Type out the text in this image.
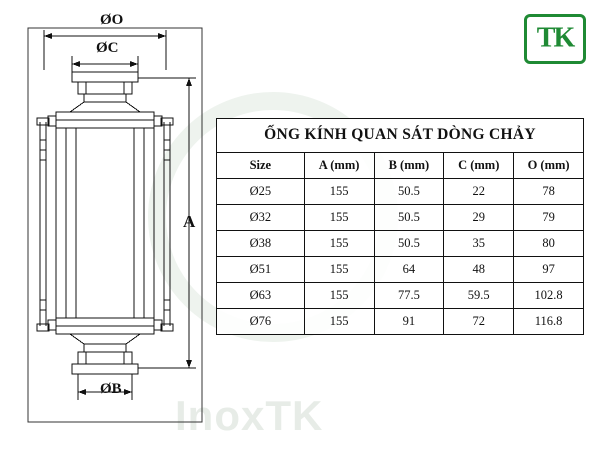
InoxTK
TK
ØO
ØC
A
ØB
ỐNG KÍNH QUAN SÁT DÒNG CHẢY
Size	A (mm)	B (mm)	C (mm)	O (mm)
Ø25	155	50.5	22	78
Ø32	155	50.5	29	79
Ø38	155	50.5	35	80
Ø51	155	64	48	97
Ø63	155	77.5	59.5	102.8
Ø76	155	91	72	116.8
